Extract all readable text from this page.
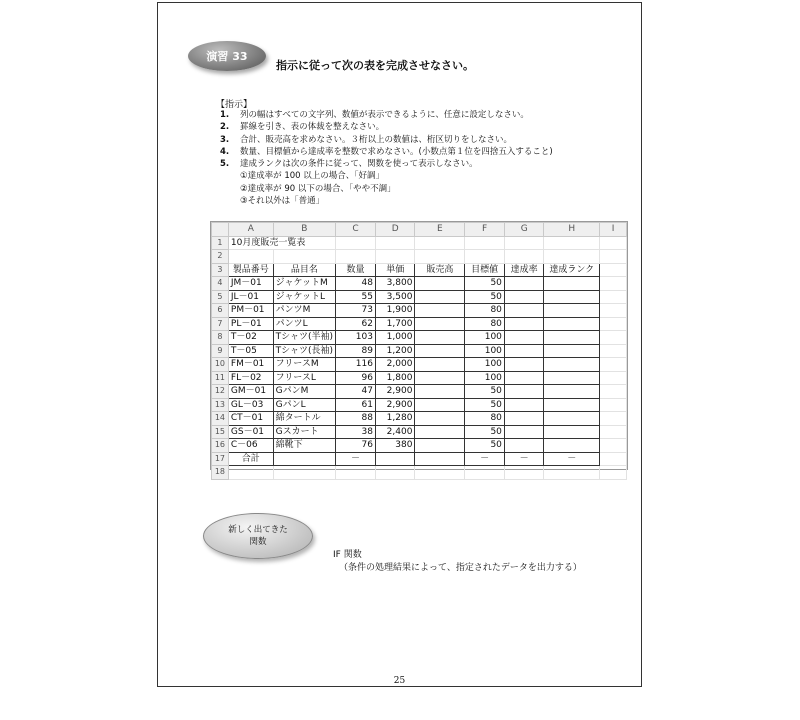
演習 33
指示に従って次の表を完成させなさい。
【指示】
1.	列の幅はすべての文字列、数値が表示できるように、任意に設定しなさい。
2.	罫線を引き、表の体裁を整えなさい。
3.	合計、販売高を求めなさい。３桁以上の数値は、桁区切りをしなさい。
4.	数量、目標値から達成率を整数で求めなさい。(小数点第１位を四捨五入すること)
5.	達成ランクは次の条件に従って、関数を使って表示しなさい。
①達成率が 100 以上の場合、「好調」
②達成率が 90 以下の場合、「やや不調」
③それ以外は「普通」
	A	B	C	D	E	F	G	H	I
1	10月度販売一覧表								
2									
3	製品番号	品目名	数量	単価	販売高	目標値	達成率	達成ランク	
4	JM－01	ジャケットM	48	3,800		50			
5	JL－01	ジャケットL	55	3,500		50			
6	PM－01	パンツM	73	1,900		80			
7	PL－01	パンツL	62	1,700		80			
8	T－02	Tシャツ(半袖)	103	1,000		100			
9	T－05	Tシャツ(長袖)	89	1,200		100			
10	FM－01	フリースM	116	2,000		100			
11	FL－02	フリースL	96	1,800		100			
12	GM－01	GパンM	47	2,900		50			
13	GL－03	GパンL	61	2,900		50			
14	CT－01	綿タートル	88	1,280		80			
15	GS－01	Gスカート	38	2,400		50			
16	C－06	綿靴下	76	380		50			
17	合計		－			－	－	－	
18									
新しく出てきた
関数
IF 関数
（条件の処理結果によって、指定されたデータを出力する）
25
